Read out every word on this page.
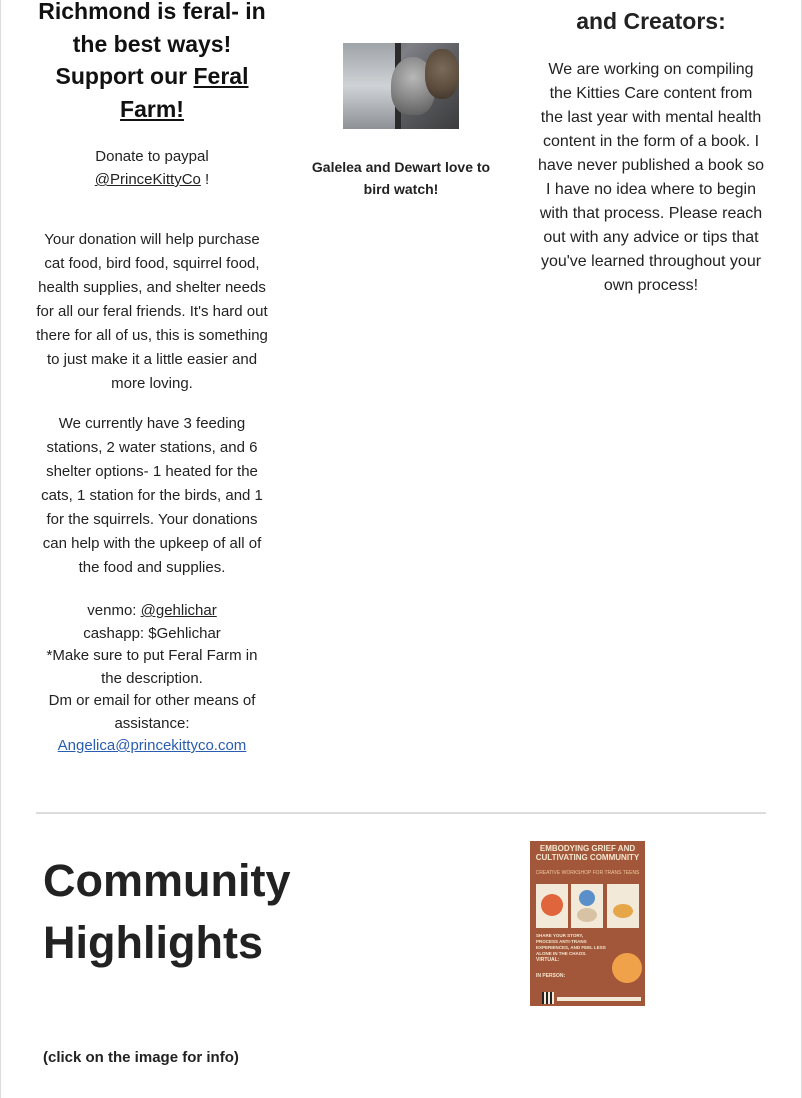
Richmond is feral- in the best ways! Support our Feral Farm!
Donate to paypal
@PrinceKittyCo !
Your donation will help purchase cat food, bird food, squirrel food, health supplies, and shelter needs for all our feral friends. It's hard out there for all of us, this is something to just make it a little easier and more loving.
We currently have 3 feeding stations, 2 water stations, and 6 shelter options- 1 heated for the cats, 1 station for the birds, and 1 for the squirrels. Your donations can help with the upkeep of all of the food and supplies.
venmo: @gehlichar
cashapp: $Gehlichar
*Make sure to put Feral Farm in the description.
Dm or email for other means of assistance:
Angelica@princekittyco.com
Galelea and Dewart love to bird watch!
and Creators:
We are working on compiling the Kitties Care content from the last year with mental health content in the form of a book. I have never published a book so I have no idea where to begin with that process. Please reach out with any advice or tips that you've learned throughout your own process!
Community Highlights
(click on the image for info)
EMBODYING GRIEF AND CULTIVATING COMMUNITY
CREATIVE WORKSHOP FOR TRANS TEENS
SHARE YOUR STORY, PROCESS ANTI-TRANS EXPERIENCES, AND FEEL LESS ALONE IN THE CHAOS.
VIRTUAL:
IN PERSON:
